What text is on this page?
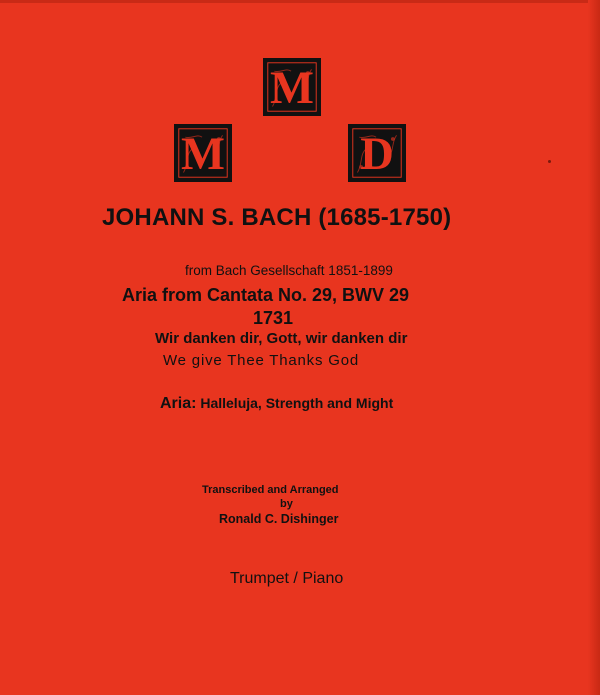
M
M	D
JOHANN S. BACH (1685-1750)
from Bach Gesellschaft 1851-1899
Aria from Cantata No. 29, BWV 29
1731
Wir danken dir, Gott, wir danken dir
We give Thee Thanks God
Aria: Halleluja, Strength and Might
Transcribed and Arranged
by
Ronald C. Dishinger
Trumpet / Piano
